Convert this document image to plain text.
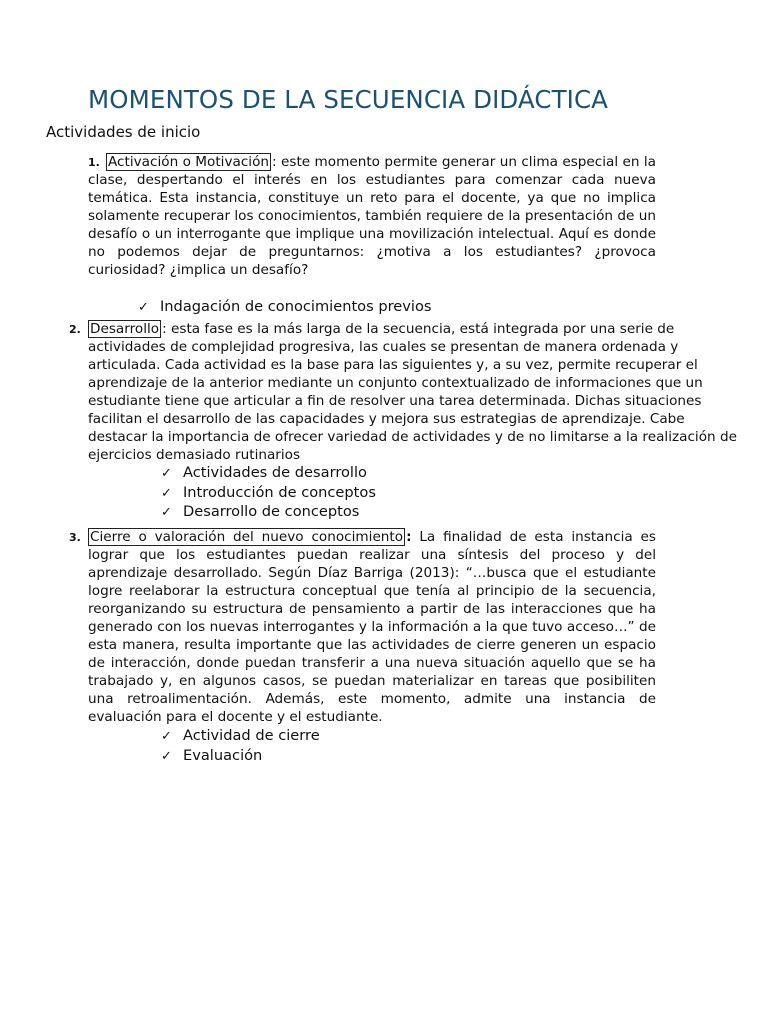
MOMENTOS DE LA SECUENCIA DIDÁCTICA
Actividades de inicio
1. Activación o Motivación : este momento permite generar un clima especial en la clase, despertando el interés en los estudiantes para comenzar cada nueva temática. Esta instancia, constituye un reto para el docente, ya que no implica solamente recuperar los conocimientos, también requiere de la presentación de un desafío o un interrogante que implique una movilización intelectual. Aquí es donde no podemos dejar de preguntarnos: ¿motiva a los estudiantes? ¿provoca curiosidad? ¿implica un desafío?

✓ Indagación de conocimientos previos
2. Desarrollo : esta fase es la más larga de la secuencia, está integrada por una serie de actividades de complejidad progresiva, las cuales se presentan de manera ordenada y articulada. Cada actividad es la base para las siguientes y, a su vez, permite recuperar el aprendizaje de la anterior mediante un conjunto contextualizado de informaciones que un estudiante tiene que articular a fin de resolver una tarea determinada. Dichas situaciones facilitan el desarrollo de las capacidades y mejora sus estrategias de aprendizaje. Cabe destacar la importancia de ofrecer variedad de actividades y de no limitarse a la realización de ejercicios demasiado rutinarios

✓ Actividades de desarrollo
✓ Introducción de conceptos
✓ Desarrollo de conceptos
3. Cierre o valoración del nuevo conocimiento : La finalidad de esta instancia es lograr que los estudiantes puedan realizar una síntesis del proceso y del aprendizaje desarrollado. Según Díaz Barriga (2013): “…busca que el estudiante logre reelaborar la estructura conceptual que tenía al principio de la secuencia, reorganizando su estructura de pensamiento a partir de las interacciones que ha generado con los nuevas interrogantes y la información a la que tuvo acceso…” de esta manera, resulta importante que las actividades de cierre generen un espacio de interacción, donde puedan transferir a una nueva situación aquello que se ha trabajado y, en algunos casos, se puedan materializar en tareas que posibiliten una retroalimentación. Además, este momento, admite una instancia de evaluación para el docente y el estudiante.

✓ Actividad de cierre
✓ Evaluación
